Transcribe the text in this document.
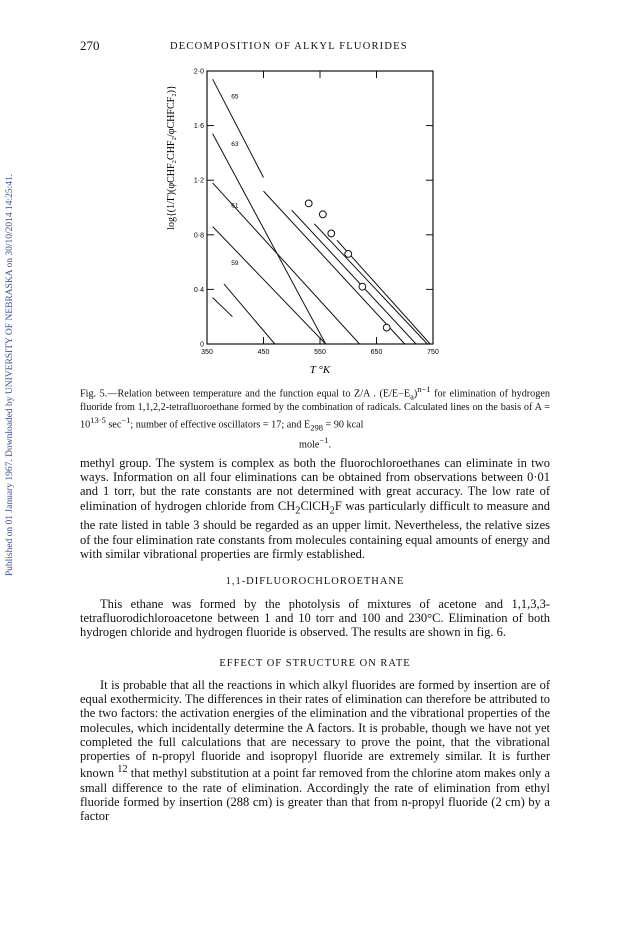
Published on 01 January 1967. Downloaded by UNIVERSITY OF NEBRASKA on 30/10/2014 14:25:41.
270	DECOMPOSITION OF ALKYL FLUORIDES
350	450	550	650	750
0
0·4
0·8
1·2
1·6
2·0
65
63
61
59
T °K
log{(1/Γ)(φCHF₂CHF₂/φCHFCF₂)}
Fig. 5.—Relation between temperature and the function equal to Z/A . $(E/E-E_a)^{n-1}$ for elimination of hydrogen fluoride from 1,1,2,2-tetrafluoroethane formed by the combination of radicals. Calculated lines on the basis of $A = 10^{13\cdot 5}$ $\sec^{-1}$; number of effective oscillators = 17; and $E_{298} = 90$ kcal
mole$^{-1}$.

methyl group. The system is complex as both the fluorochloroethanes can eliminate in two ways. Information on all four eliminations can be obtained from observations between 0·01 and 1 torr, but the rate constants are not determined with great accuracy. The low rate of elimination of hydrogen chloride from $CH_2ClCH_2F$ was particularly difficult to measure and the rate listed in table 3 should be regarded as an upper limit. Nevertheless, the relative sizes of the four elimination rate constants from molecules containing equal amounts of energy and with similar vibrational properties are firmly established.

1,1-DIFLUOROCHLOROETHANE

This ethane was formed by the photolysis of mixtures of acetone and 1,1,3,3-tetrafluorodichloroacetone between 1 and 10 torr and 100 and 230°C. Elimination of both hydrogen chloride and hydrogen fluoride is observed. The results are shown in fig. 6.

EFFECT OF STRUCTURE ON RATE

It is probable that all the reactions in which alkyl fluorides are formed by insertion are of equal exothermicity. The differences in their rates of elimination can therefore be attributed to the two factors: the activation energies of the elimination and the vibrational properties of the molecules, which incidentally determine the A factors. It is probable, though we have not yet completed the full calculations that are necessary to prove the point, that the vibrational properties of n-propyl fluoride and isopropyl fluoride are extremely similar. It is further known $^{12}$ that methyl substitution at a point far removed from the chlorine atom makes only a small difference to the rate of elimination. Accordingly the rate of elimination from ethyl fluoride formed by insertion (288 cm) is greater than that from n-propyl fluoride (2 cm) by a factor
